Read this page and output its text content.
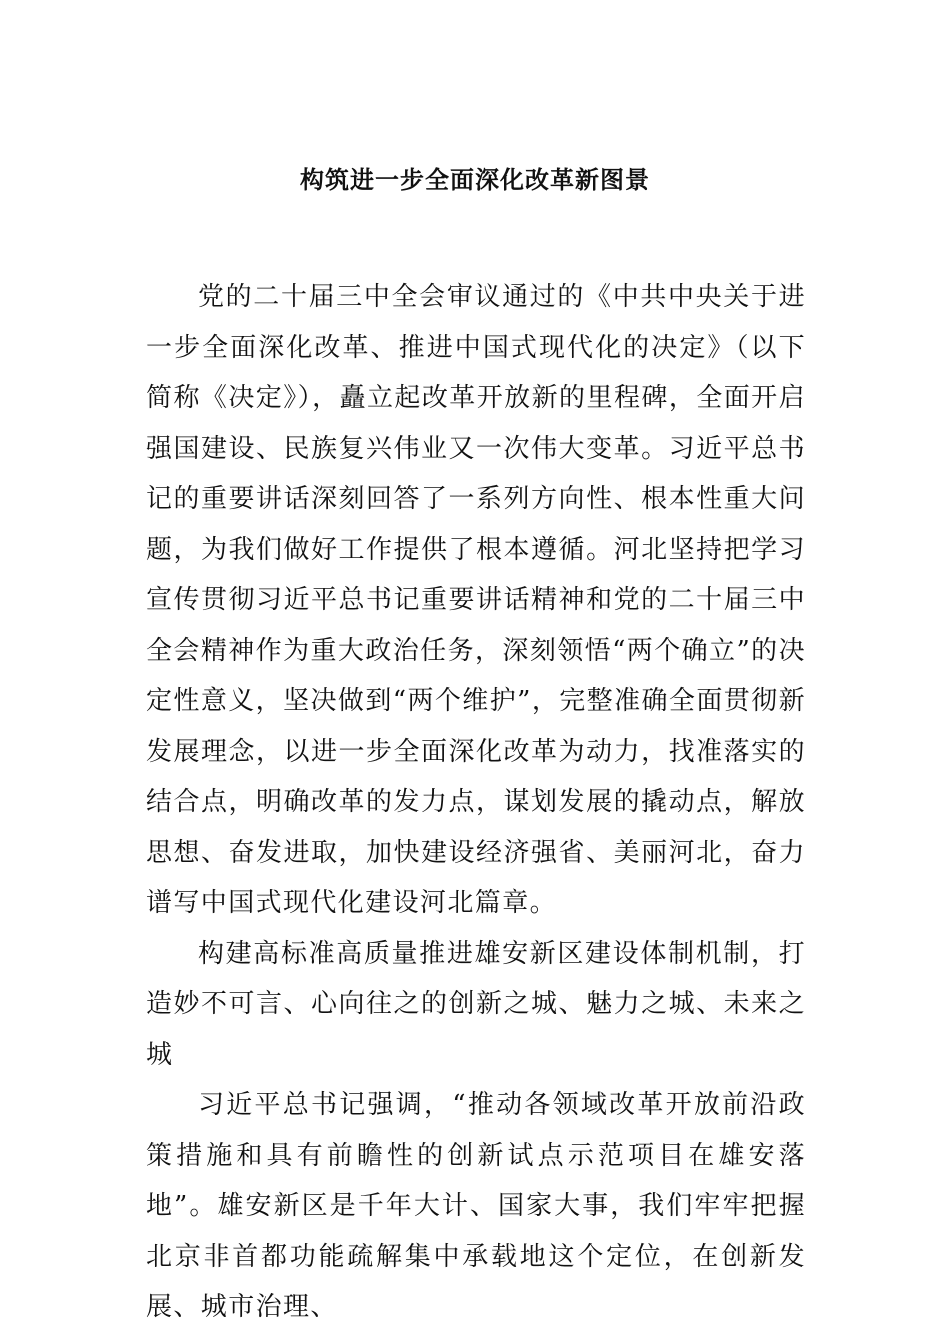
构筑进一步全面深化改革新图景

党的二十届三中全会审议通过的《中共中央关于进一步全面深化改革、推进中国式现代化的决定》（以下简称《决定》），矗立起改革开放新的里程碑，全面开启强国建设、民族复兴伟业又一次伟大变革。习近平总书记的重要讲话深刻回答了一系列方向性、根本性重大问题，为我们做好工作提供了根本遵循。河北坚持把学习宣传贯彻习近平总书记重要讲话精神和党的二十届三中全会精神作为重大政治任务，深刻领悟“两个确立”的决定性意义，坚决做到“两个维护”，完整准确全面贯彻新发展理念，以进一步全面深化改革为动力，找准落实的结合点，明确改革的发力点，谋划发展的撬动点，解放思想、奋发进取，加快建设经济强省、美丽河北，奋力谱写中国式现代化建设河北篇章。

构建高标准高质量推进雄安新区建设体制机制，打造妙不可言、心向往之的创新之城、魅力之城、未来之城

习近平总书记强调，“推动各领域改革开放前沿政策措施和具有前瞻性的创新试点示范项目在雄安落地”。雄安新区是千年大计、国家大事，我们牢牢把握北京非首都功能疏解集中承载地这个定位，在创新发展、城市治理、
